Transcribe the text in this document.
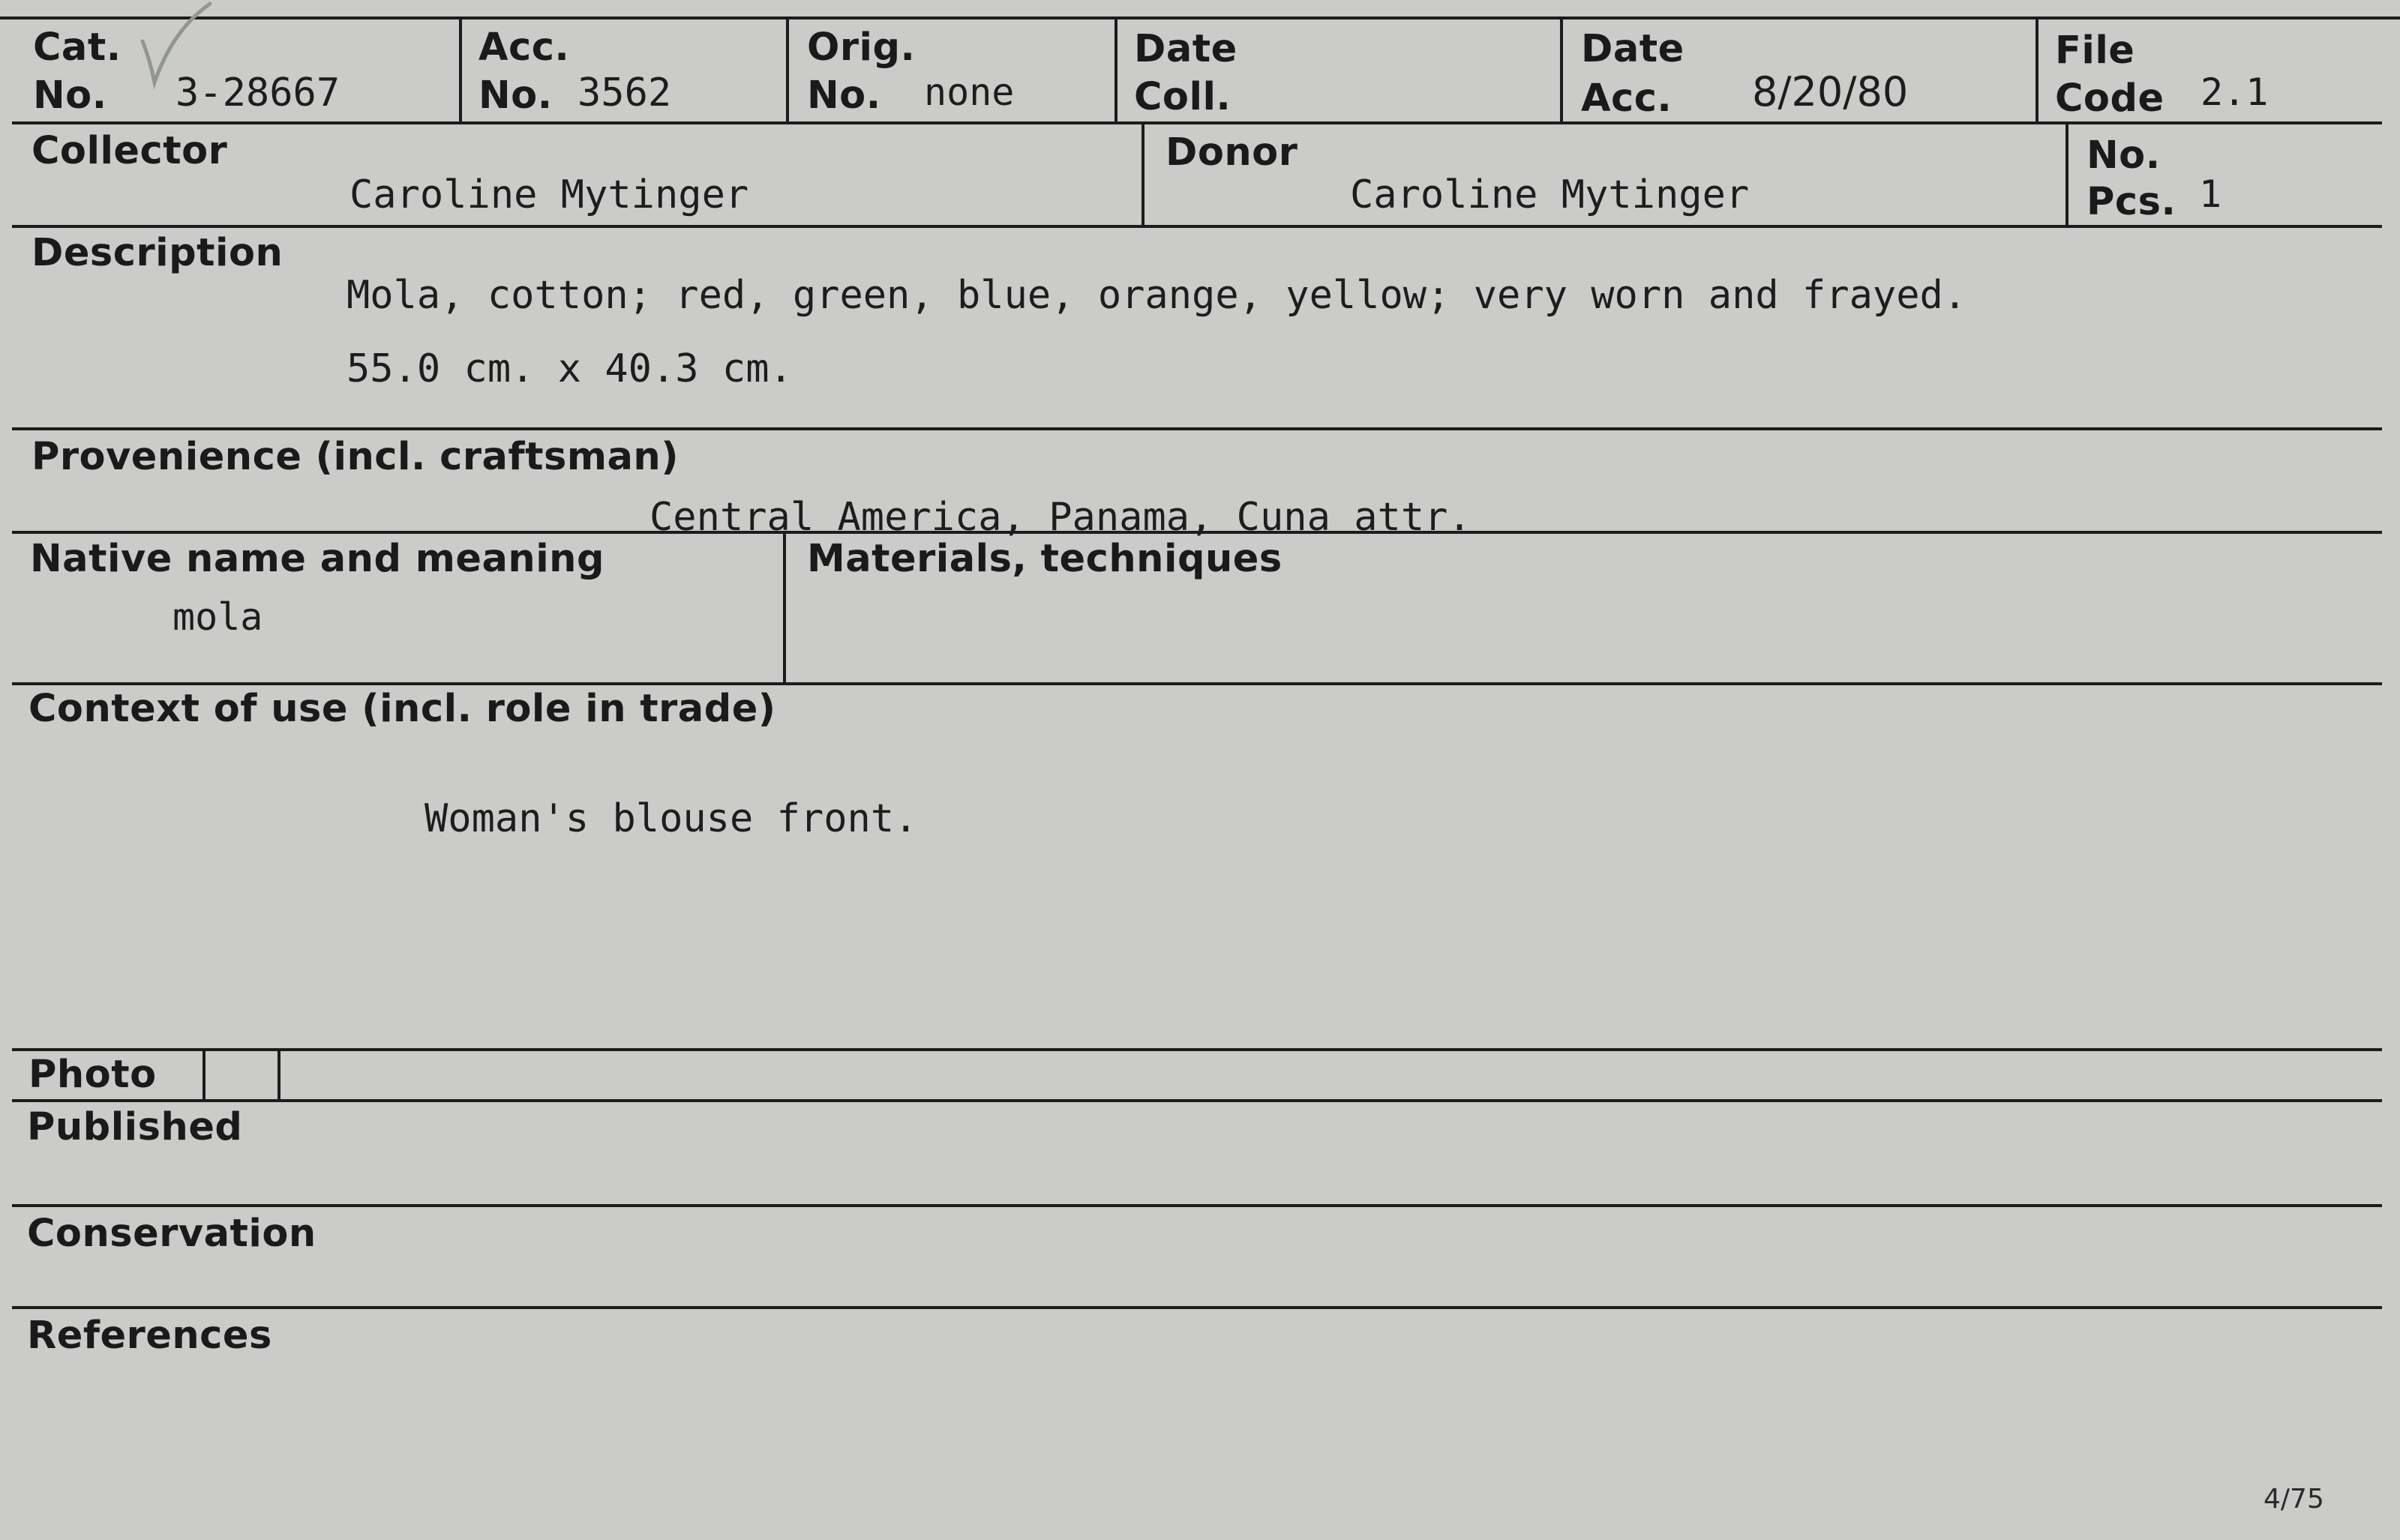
Cat.
No. 3-28667
Acc.
No. 3562
Orig.
No. none
Date
Coll.
Date
Acc. 8/20/80
File
Code 2.1
Collector
Caroline Mytinger
Donor
Caroline Mytinger
No.
Pcs. 1
Description
Mola, cotton; red, green, blue, orange, yellow; very worn and frayed.
55.0 cm. x 40.3 cm.
Provenience (incl. craftsman)
Central America, Panama, Cuna attr.
Native name and meaning
mola
Materials, techniques
Context of use (incl. role in trade)
Woman's blouse front.
Photo
Published
Conservation
References
4/75
